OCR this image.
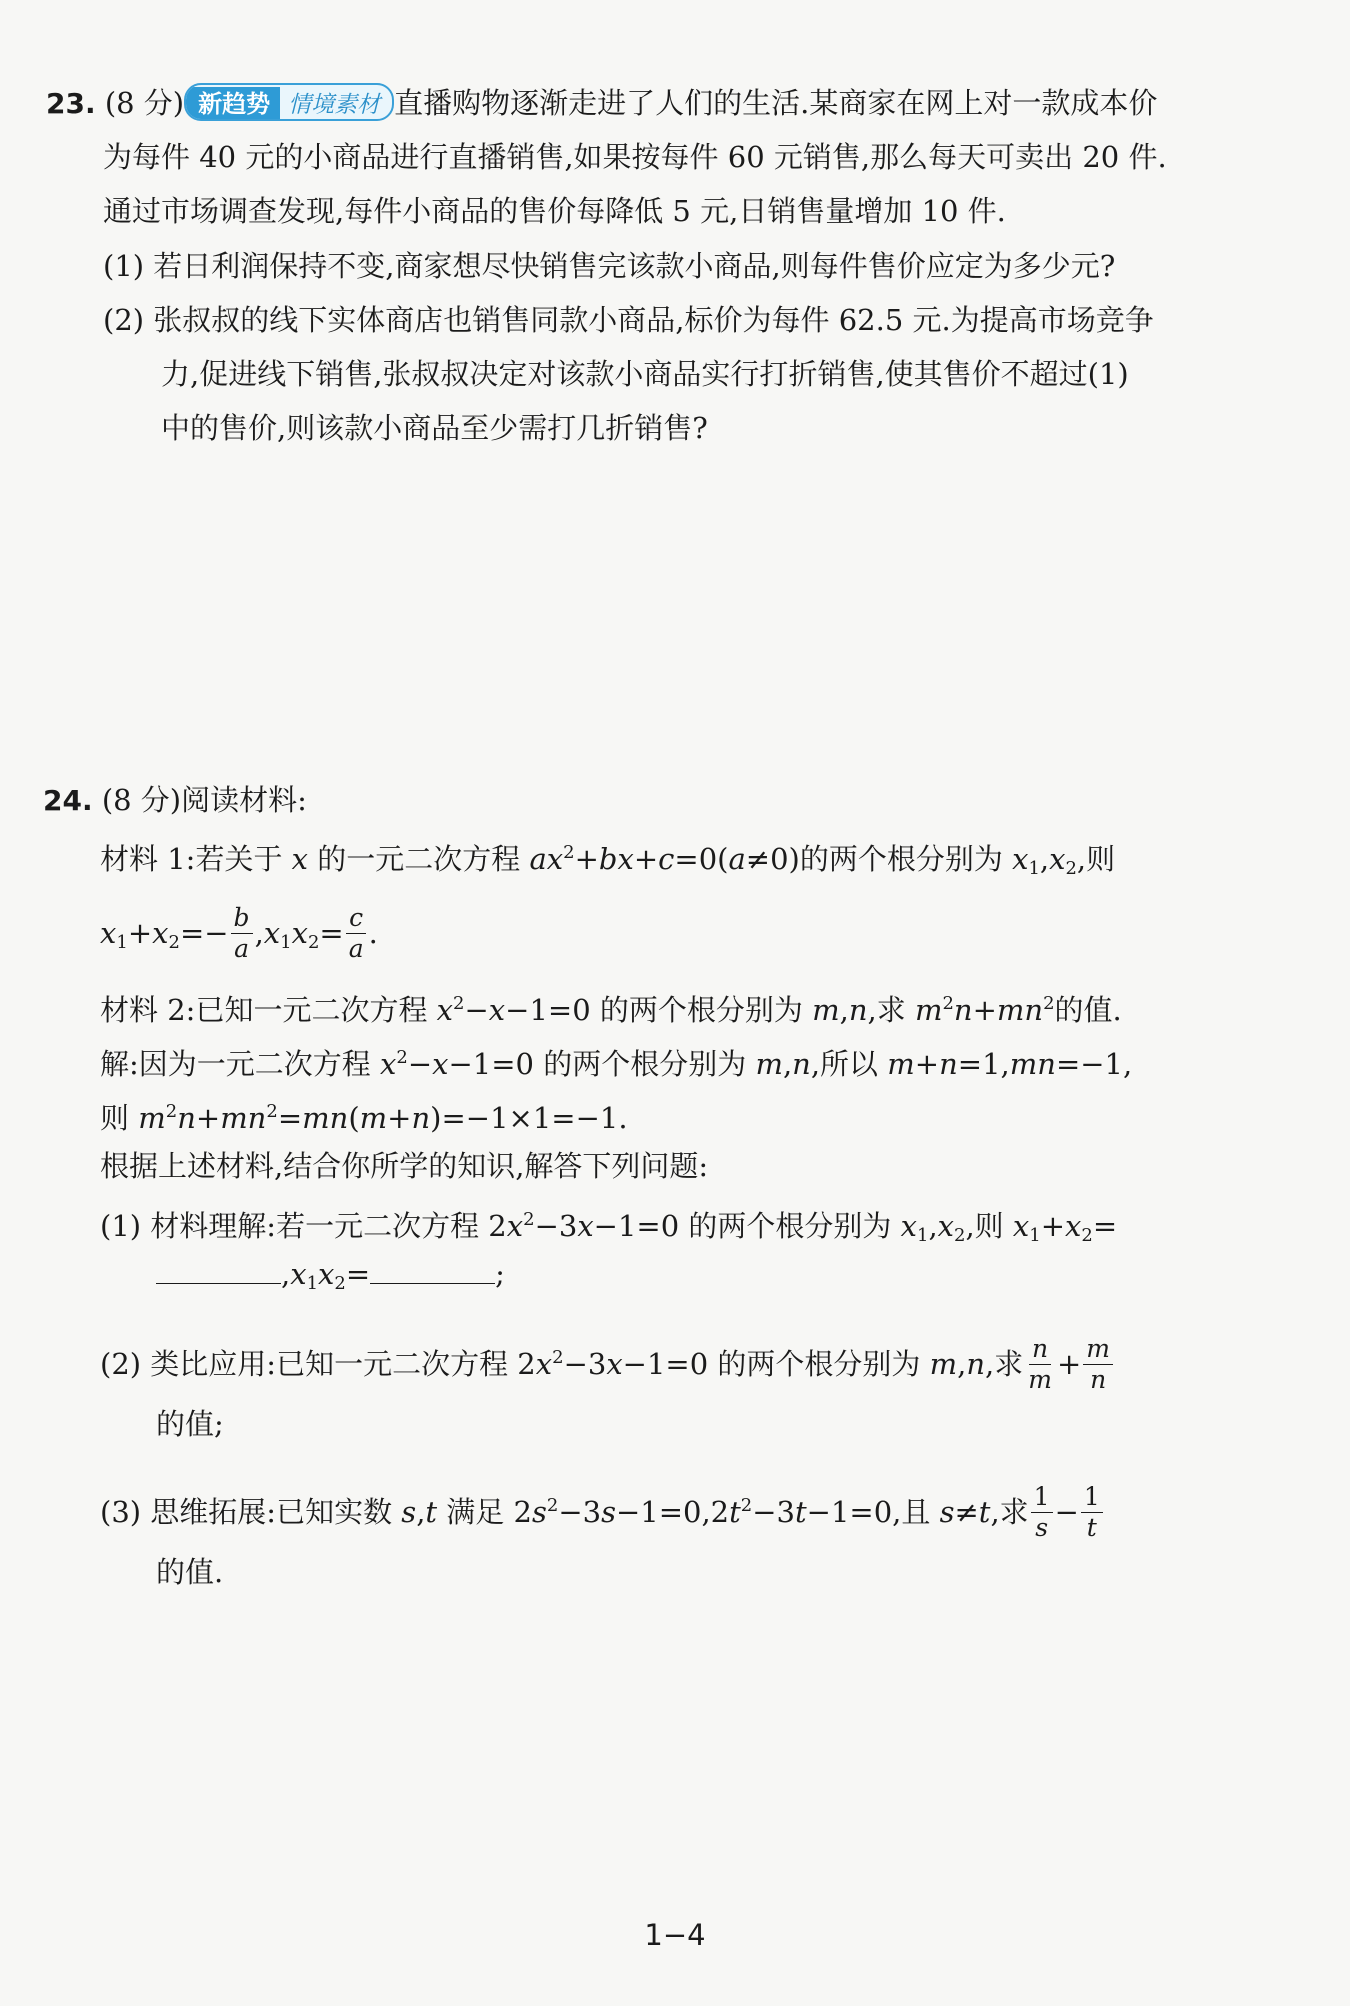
23. (8 分) 新趋势 情境素材 直播购物逐渐走进了人们的生活.某商家在网上对一款成本价
为每件 40 元的小商品进行直播销售,如果按每件 60 元销售,那么每天可卖出 20 件.
通过市场调查发现,每件小商品的售价每降低 5 元,日销售量增加 10 件.
(1) 若日利润保持不变,商家想尽快销售完该款小商品,则每件售价应定为多少元?
(2) 张叔叔的线下实体商店也销售同款小商品,标价为每件 62.5 元.为提高市场竞争
力,促进线下销售,张叔叔决定对该款小商品实行打折销售,使其售价不超过(1)
中的售价,则该款小商品至少需打几折销售?
24. (8 分)阅读材料:
材料 1:若关于 x 的一元二次方程 $ax^2+bx+c=0(a\ne 0)$的两个根分别为 $x_1,x_2$,则
$x_1+x_2=- \frac{b}{a} ,x_1x_2= \frac{c}{a}$ .
材料 2:已知一元二次方程 $x^2-x-1=0$ 的两个根分别为 m,n,求 $m^2n+mn^2$的值.
解:因为一元二次方程 $x^2-x-1=0$ 的两个根分别为 m,n,所以 m+n=1,mn=−1,
则 $m^2n+mn^2=mn(m+n)=-1\times 1=-1$.
根据上述材料,结合你所学的知识,解答下列问题:
(1) 材料理解:若一元二次方程 $2x^2-3x-1=0$ 的两个根分别为 $x_1,x_2$,则 $x_1+x_2=$
$,x_1x_2=$	;
(2) 类比应用:已知一元二次方程 $2x^2-3x-1=0$ 的两个根分别为 m,n,求 $\frac{n}{m} + \frac{m}{n}$
的值;
(3) 思维拓展:已知实数 s,t 满足 $2s^2-3s-1=0,2t^2-3t-1=0$,且 s≠t,求 $\frac{1}{s} - \frac{1}{t}$
的值.
1−4
